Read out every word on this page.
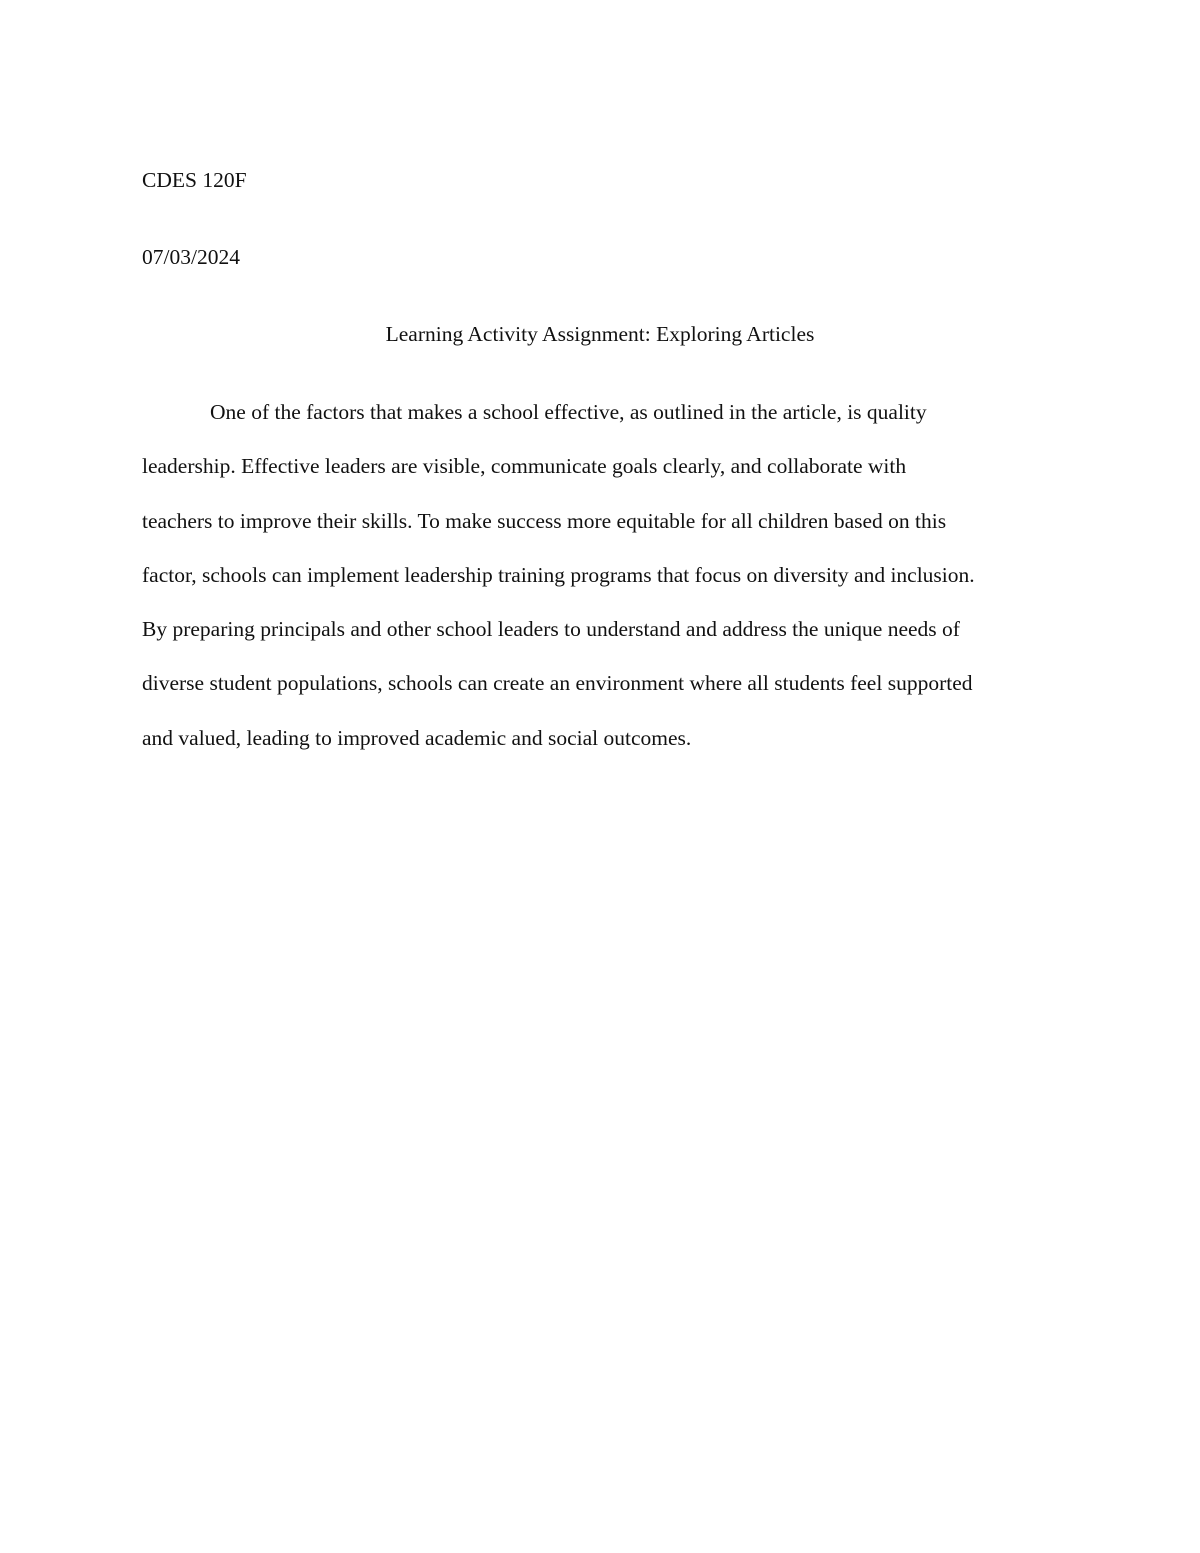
CDES 120F

07/03/2024

Learning Activity Assignment: Exploring Articles
One of the factors that makes a school effective, as outlined in the article, is quality
leadership. Effective leaders are visible, communicate goals clearly, and collaborate with
teachers to improve their skills. To make success more equitable for all children based on this
factor, schools can implement leadership training programs that focus on diversity and inclusion.
By preparing principals and other school leaders to understand and address the unique needs of
diverse student populations, schools can create an environment where all students feel supported
and valued, leading to improved academic and social outcomes.
